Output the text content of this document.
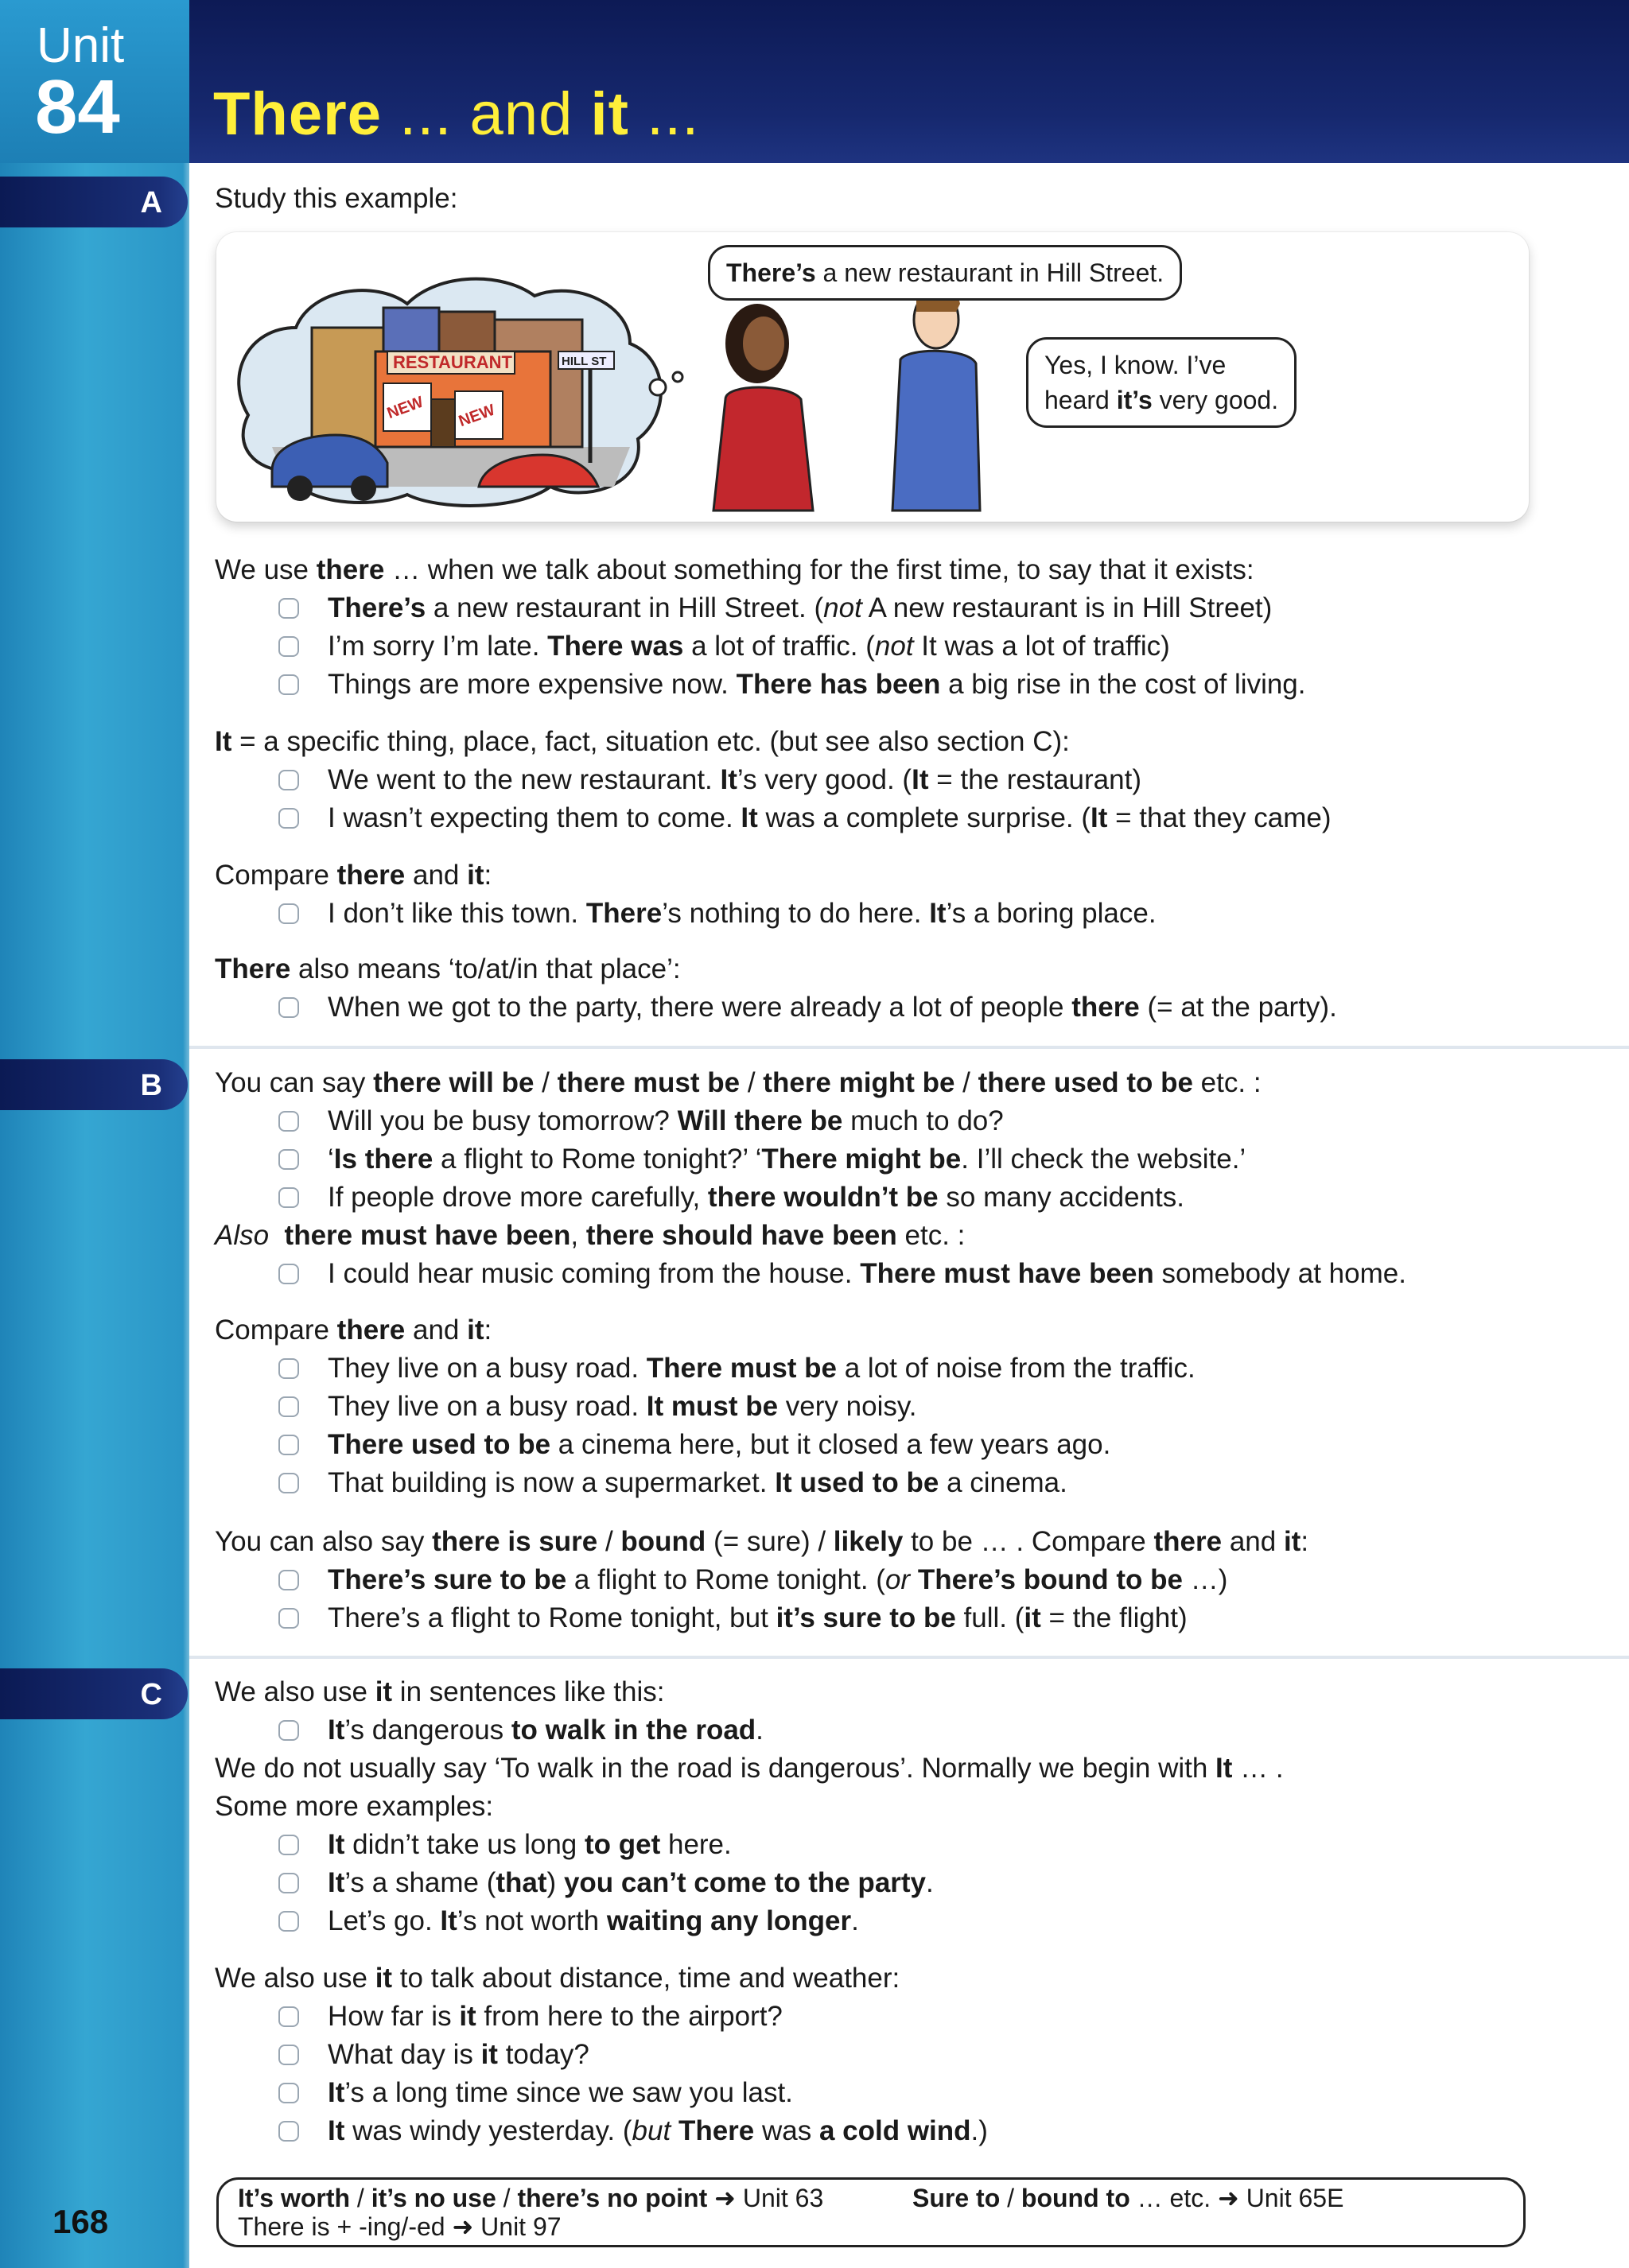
Unit
84 There ... and it ...
A
B
C
Study this example:
RESTAURANT
NEW NEW
HILL ST
There’s a new restaurant in Hill Street.
Yes, I know. I’ve
heard it’s very good.
We use there … when we talk about something for the first time, to say that it exists:
There’s a new restaurant in Hill Street. (not A new restaurant is in Hill Street)
I’m sorry I’m late. There was a lot of traffic. (not It was a lot of traffic)
Things are more expensive now. There has been a big rise in the cost of living.
It = a specific thing, place, fact, situation etc. (but see also section C):
We went to the new restaurant. It’s very good. (It = the restaurant)
I wasn’t expecting them to come. It was a complete surprise. (It = that they came)
Compare there and it:
I don’t like this town. There’s nothing to do here. It’s a boring place.
There also means ‘to/at/in that place’:
When we got to the party, there were already a lot of people there (= at the party).
You can say there will be / there must be / there might be / there used to be etc. :
Will you be busy tomorrow? Will there be much to do?
‘Is there a flight to Rome tonight?’ ‘There might be. I’ll check the website.’
If people drove more carefully, there wouldn’t be so many accidents.
Also there must have been, there should have been etc. :
I could hear music coming from the house. There must have been somebody at home.
Compare there and it:
They live on a busy road. There must be a lot of noise from the traffic.
They live on a busy road. It must be very noisy.
There used to be a cinema here, but it closed a few years ago.
That building is now a supermarket. It used to be a cinema.
You can also say there is sure / bound (= sure) / likely to be … . Compare there and it:
There’s sure to be a flight to Rome tonight. (or There’s bound to be …)
There’s a flight to Rome tonight, but it’s sure to be full. (it = the flight)
We also use it in sentences like this:
It’s dangerous to walk in the road.
We do not usually say ‘To walk in the road is dangerous’. Normally we begin with It … .
Some more examples:
It didn’t take us long to get here.
It’s a shame (that) you can’t come to the party.
Let’s go. It’s not worth waiting any longer.
We also use it to talk about distance, time and weather:
How far is it from here to the airport?
What day is it today?
It’s a long time since we saw you last.
It was windy yesterday. (but There was a cold wind.)
It’s worth / it’s no use / there’s no point ➜ Unit 63	Sure to / bound to … etc. ➜ Unit 65E
There is + -ing/-ed ➜ Unit 97
168
